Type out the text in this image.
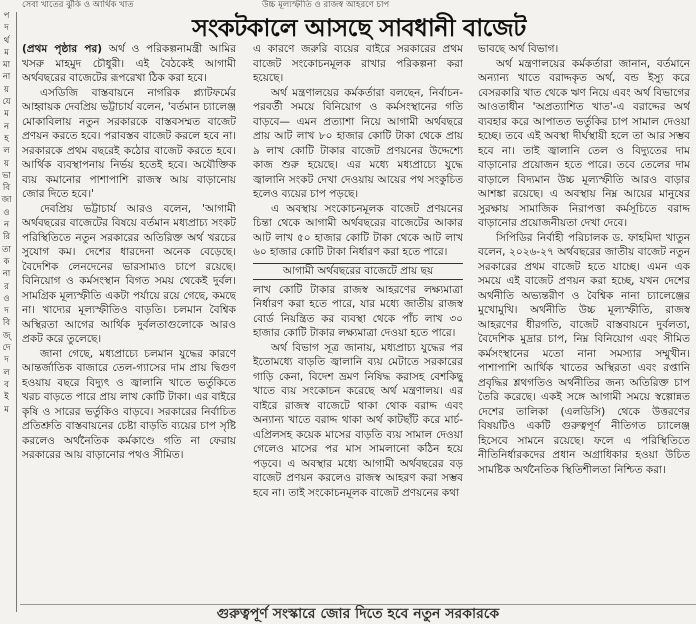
সেবা খাতের ঝুঁকি ও আর্থিক খাত	উচ্চ মূল্যস্ফীতি ও রাজস্ব আহরণে চাপ
প
দ
র্থ
ম
মা
না
য়
যে
ম
ন
হ
ল
য়
ভা
বি
জা
ও
ন
রি
তা
ক
না
র
ও
দ
বি
জ্
দে
দ
ল
ব
ই
ম
সংকটকালে আসছে সাবধানী বাজেট

(প্রথম পৃষ্ঠার পর) অর্থ ও পরিকল্পনামন্ত্রী আমির খসরু মাহমুদ চৌধুরী। এই বৈঠকেই আগামী অর্থবছরের বাজেটের রূপরেখা ঠিক করা হবে।

এসডিজি বাস্তবায়নে নাগরিক প্ল্যাটফর্মের আহ্বায়ক দেবপ্রিয় ভট্টাচার্য বলেন, 'বর্তমান চ্যালেঞ্জ মোকাবিলায় নতুন সরকারকে বাস্তবসম্মত বাজেট প্রণয়ন করতে হবে। পরাবস্তব বাজেট করলে হবে না। সরকারকে প্রথম বছরেই কঠোর বাজেট করতে হবে। আর্থিক ব্যবস্থাপনায় নির্ভয় হতেই হবে। অযৌক্তিক ব্যয় কমানোর পাশাপাশি রাজস্ব আয় বাড়ানোয় জোর দিতে হবে।'

দেবপ্রিয় ভট্টাচার্য আরও বলেন, 'আগামী অর্থবছরের বাজেটের বিষয়ে বর্তমান মধ্যপ্রাচ্য সংকট পরিস্থিতিতে নতুন সরকারের অতিরিক্ত অর্থ খরচের সুযোগ কম। দেশের ধারদেনা অনেক বেড়েছে। বৈদেশিক লেনদেনের ভারসাম্যও চাপে রয়েছে। বিনিয়োগ ও কর্মসংস্থান বিগত সময় থেকেই দুর্বল। সামগ্রিক মূল্যস্ফীতি একটা পর্যায়ে রয়ে গেছে, কমছে না। খাদ্যের মূল্যস্ফীতিও বাড়তি। চলমান বৈশ্বিক অস্থিরতা আগের আর্থিক দুর্বলতাগুলোকে আরও প্রকট করে তুলেছে।

জানা গেছে, মধ্যপ্রাচ্যে চলমান যুদ্ধের কারণে আন্তর্জাতিক বাজারে তেল-গ্যাসের দাম প্রায় দ্বিগুণ হওয়ায় বছরে বিদ্যুৎ ও জ্বালানি খাতে ভর্তুকিতে খরচ বাড়তে পারে প্রায় লাখ কোটি টাকা। এর বাইরে কৃষি ও সারের ভর্তুকিও বাড়বে। সরকারের নির্বাচিত প্রতিশ্রুতি বাস্তবায়নের চেষ্টা বাড়তি ব্যয়ের চাপ সৃষ্টি করলেও অর্থনৈতিক কর্মকাণ্ডে গতি না ফেরায় সরকারের আয় বাড়ানোর পথও সীমিত।

এ কারণে জরুরি ব্যয়ের বাইরে সরকারের প্রথম বাজেট সংকোচনমূলক রাখার পরিকল্পনা করা হয়েছে।

অর্থ মন্ত্রণালয়ের কর্মকর্তারা বলছেন, নির্বাচন-পরবর্তী সময়ে বিনিয়োগ ও কর্মসংস্থানের গতি বাড়বে— এমন প্রত্যাশা নিয়ে আগামী অর্থবছরে প্রায় আট লাখ ৮০ হাজার কোটি টাকা থেকে প্রায় ৯ লাখ কোটি টাকার বাজেট প্রণয়নের উদ্দেশ্যে কাজ শুরু হয়েছে। এর মধ্যে মধ্যপ্রাচ্যে যুদ্ধে জ্বালানি সংকট দেখা দেওয়ায় আয়ের পথ সংকুচিত হলেও ব্যয়ের চাপ পড়ছে।

এ অবস্থায় সংকোচনমূলক বাজেট প্রণয়নের চিন্তা থেকে আগামী অর্থবছরের বাজেটের আকার আট লাখ ৫০ হাজার কোটি টাকা থেকে আট লাখ ৬০ হাজার কোটি টাকা নির্ধারণ করা হতে পারে।

আগামী অর্থবছরের বাজেটে প্রায় ছয়

লাখ কোটি টাকার রাজস্ব আহরণের লক্ষ্যমাত্রা নির্ধারণ করা হতে পারে, যার মধ্যে জাতীয় রাজস্ব বোর্ড নিয়ন্ত্রিত কর ব্যবস্থা থেকে পাঁচ লাখ ৩০ হাজার কোটি টাকার লক্ষ্যমাত্রা দেওয়া হতে পারে।

অর্থ বিভাগ সূত্র জানায়, মধ্যপ্রাচ্য যুদ্ধের পর ইতোমধ্যে বাড়তি জ্বালানি ব্যয় মেটাতে সরকারের গাড়ি কেনা, বিদেশ ভ্রমণ নিষিদ্ধ করাসহ বেশকিছু খাতে ব্যয় সংকোচন করেছে অর্থ মন্ত্রণালয়। এর বাইরে রাজস্ব বাজেটে থাকা থোক বরাদ্দ এবং অন্যান্য খাতে বরাদ্দ থাকা অর্থ কাটছাঁট করে মার্চ-এপ্রিলসহ কয়েক মাসের বাড়তি ব্যয় সামাল দেওয়া গেলেও মাসের পর মাস সামলানো কঠিন হয়ে পড়বে। এ অবস্থার মধ্যে আগামী অর্থবছরের বড় বাজেট প্রণয়ন করলেও রাজস্ব আহরণ করা সম্ভব হবে না। তাই সংকোচনমূলক বাজেট প্রণয়নের কথা

ভাবছে অর্থ বিভাগ।

অর্থ মন্ত্রণালয়ের কর্মকর্তারা জানান, বর্তমানে অন্যান্য খাতে বরাদ্দকৃত অর্থ, বন্ড ইস্যু করে বেসরকারি খাত থেকে ঋণ নিয়ে এবং অর্থ বিভাগের আওতাধীন 'অপ্রত্যাশিত খাত'-এ বরাদ্দের অর্থ ব্যবহার করে আপাতত ভর্তুকির চাপ সামাল দেওয়া হচ্ছে। তবে এই অবস্থা দীর্ঘস্থায়ী হলে তা আর সম্ভব হবে না। তাই জ্বালানি তেল ও বিদ্যুতের দাম বাড়ানোর প্রয়োজন হতে পারে। তবে তেলের দাম বাড়ালে বিদ্যমান উচ্চ মূল্যস্ফীতি আরও বাড়ার আশঙ্কা রয়েছে। এ অবস্থায় নিম্ন আয়ের মানুষের সুরক্ষায় সামাজিক নিরাপত্তা কর্মসূচিতে বরাদ্দ বাড়ানোর প্রয়োজনীয়তা দেখা দেবে।

সিপিডির নির্বাহী পরিচালক ড. ফাহমিদা খাতুন বলেন, ২০২৬-২৭ অর্থবছরের জাতীয় বাজেট নতুন সরকারের প্রথম বাজেট হতে যাচ্ছে। এমন এক সময়ে এই বাজেট প্রণয়ন করা হচ্ছে, যখন দেশের অর্থনীতি অভ্যন্তরীণ ও বৈশ্বিক নানা চ্যালেঞ্জের মুখোমুখি। অর্থনীতি উচ্চ মূল্যস্ফীতি, রাজস্ব আহরণের ধীরগতি, বাজেট বাস্তবায়নে দুর্বলতা, বৈদেশিক মুদ্রার চাপ, নিম্ন বিনিয়োগ এবং সীমিত কর্মসংস্থানের মতো নানা সমস্যার সম্মুখীন। পাশাপাশি আর্থিক খাতের অস্থিরতা এবং রপ্তানি প্রবৃদ্ধির শ্লথগতিও অর্থনীতির জন্য অতিরিক্ত চাপ তৈরি করেছে। একই সঙ্গে আগামী সময়ে স্বল্পোন্নত দেশের তালিকা (এলডিসি) থেকে উত্তরণের বিষয়টিও একটি গুরুত্বপূর্ণ নীতিগত চ্যালেঞ্জ হিসেবে সামনে রয়েছে। ফলে এ পরিস্থিতিতে নীতিনির্ধারকদের প্রধান অগ্রাধিকার হওয়া উচিত সামষ্টিক অর্থনৈতিক স্থিতিশীলতা নিশ্চিত করা।

গুরুত্বপূর্ণ সংস্কারে জোর দিতে হবে নতুন সরকারকে
